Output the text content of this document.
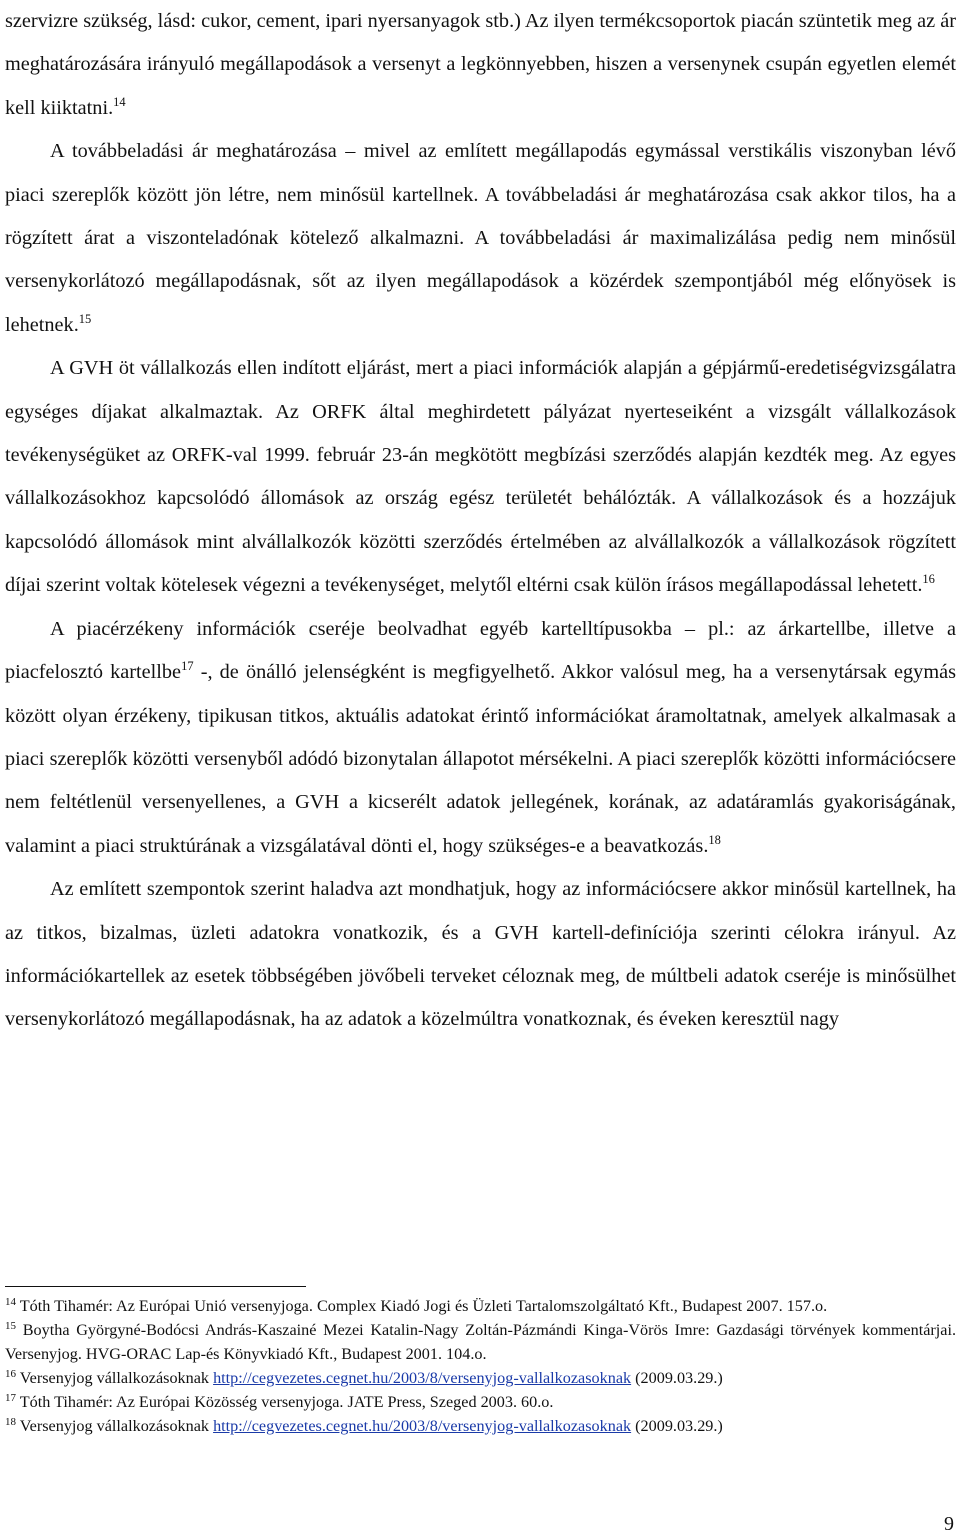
szervizre szükség, lásd: cukor, cement, ipari nyersanyagok stb.) Az ilyen termékcsoportok piacán szüntetik meg az ár meghatározására irányuló megállapodások a versenyt a legkönnyebben, hiszen a versenynek csupán egyetlen elemét kell kiiktatni.$^{14}$

A továbbeladási ár meghatározása – mivel az említett megállapodás egymással verstikális viszonyban lévő piaci szereplők között jön létre, nem minősül kartellnek. A továbbeladási ár meghatározása csak akkor tilos, ha a rögzített árat a viszonteladónak kötelező alkalmazni. A továbbeladási ár maximalizálása pedig nem minősül versenykorlátozó megállapodásnak, sőt az ilyen megállapodások a közérdek szempontjából még előnyösek is lehetnek.$^{15}$

A GVH öt vállalkozás ellen indított eljárást, mert a piaci információk alapján a gépjármű-eredetiségvizsgálatra egységes díjakat alkalmaztak. Az ORFK által meghirdetett pályázat nyerteseiként a vizsgált vállalkozások tevékenységüket az ORFK-val 1999. február 23-án megkötött megbízási szerződés alapján kezdték meg. Az egyes vállalkozásokhoz kapcsolódó állomások az ország egész területét behálózták. A vállalkozások és a hozzájuk kapcsolódó állomások mint alvállalkozók közötti szerződés értelmében az alvállalkozók a vállalkozások rögzített díjai szerint voltak kötelesek végezni a tevékenységet, melytől eltérni csak külön írásos megállapodással lehetett.$^{16}$

A piacérzékeny információk cseréje beolvadhat egyéb kartelltípusokba – pl.: az árkartellbe, illetve a piacfelosztó kartellbe$^{17}$ -, de önálló jelenségként is megfigyelhető. Akkor valósul meg, ha a versenytársak egymás között olyan érzékeny, tipikusan titkos, aktuális adatokat érintő információkat áramoltatnak, amelyek alkalmasak a piaci szereplők közötti versenyből adódó bizonytalan állapotot mérsékelni. A piaci szereplők közötti információcsere nem feltétlenül versenyellenes, a GVH a kicserélt adatok jellegének, korának, az adatáramlás gyakoriságának, valamint a piaci struktúrának a vizsgálatával dönti el, hogy szükséges-e a beavatkozás.$^{18}$

Az említett szempontok szerint haladva azt mondhatjuk, hogy az információcsere akkor minősül kartellnek, ha az titkos, bizalmas, üzleti adatokra vonatkozik, és a GVH kartell-definíciója szerinti célokra irányul. Az információkartellek az esetek többségében jövőbeli terveket céloznak meg, de múltbeli adatok cseréje is minősülhet versenykorlátozó megállapodásnak, ha az adatok a közelmúltra vonatkoznak, és éveken keresztül nagy

$^{14}$ Tóth Tihamér: Az Európai Unió versenyjoga. Complex Kiadó Jogi és Üzleti Tartalomszolgáltató Kft., Budapest 2007. 157.o.

$^{15}$ Boytha Györgyné-Bodócsi András-Kaszainé Mezei Katalin-Nagy Zoltán-Pázmándi Kinga-Vörös Imre: Gazdasági törvények kommentárjai. Versenyjog. HVG-ORAC Lap-és Könyvkiadó Kft., Budapest 2001. 104.o.

$^{16}$ Versenyjog vállalkozásoknak http://cegvezetes.cegnet.hu/2003/8/versenyjog-vallalkozasoknak (2009.03.29.)

$^{17}$ Tóth Tihamér: Az Európai Közösség versenyjoga. JATE Press, Szeged 2003. 60.o.

$^{18}$ Versenyjog vállalkozásoknak http://cegvezetes.cegnet.hu/2003/8/versenyjog-vallalkozasoknak (2009.03.29.)

9
